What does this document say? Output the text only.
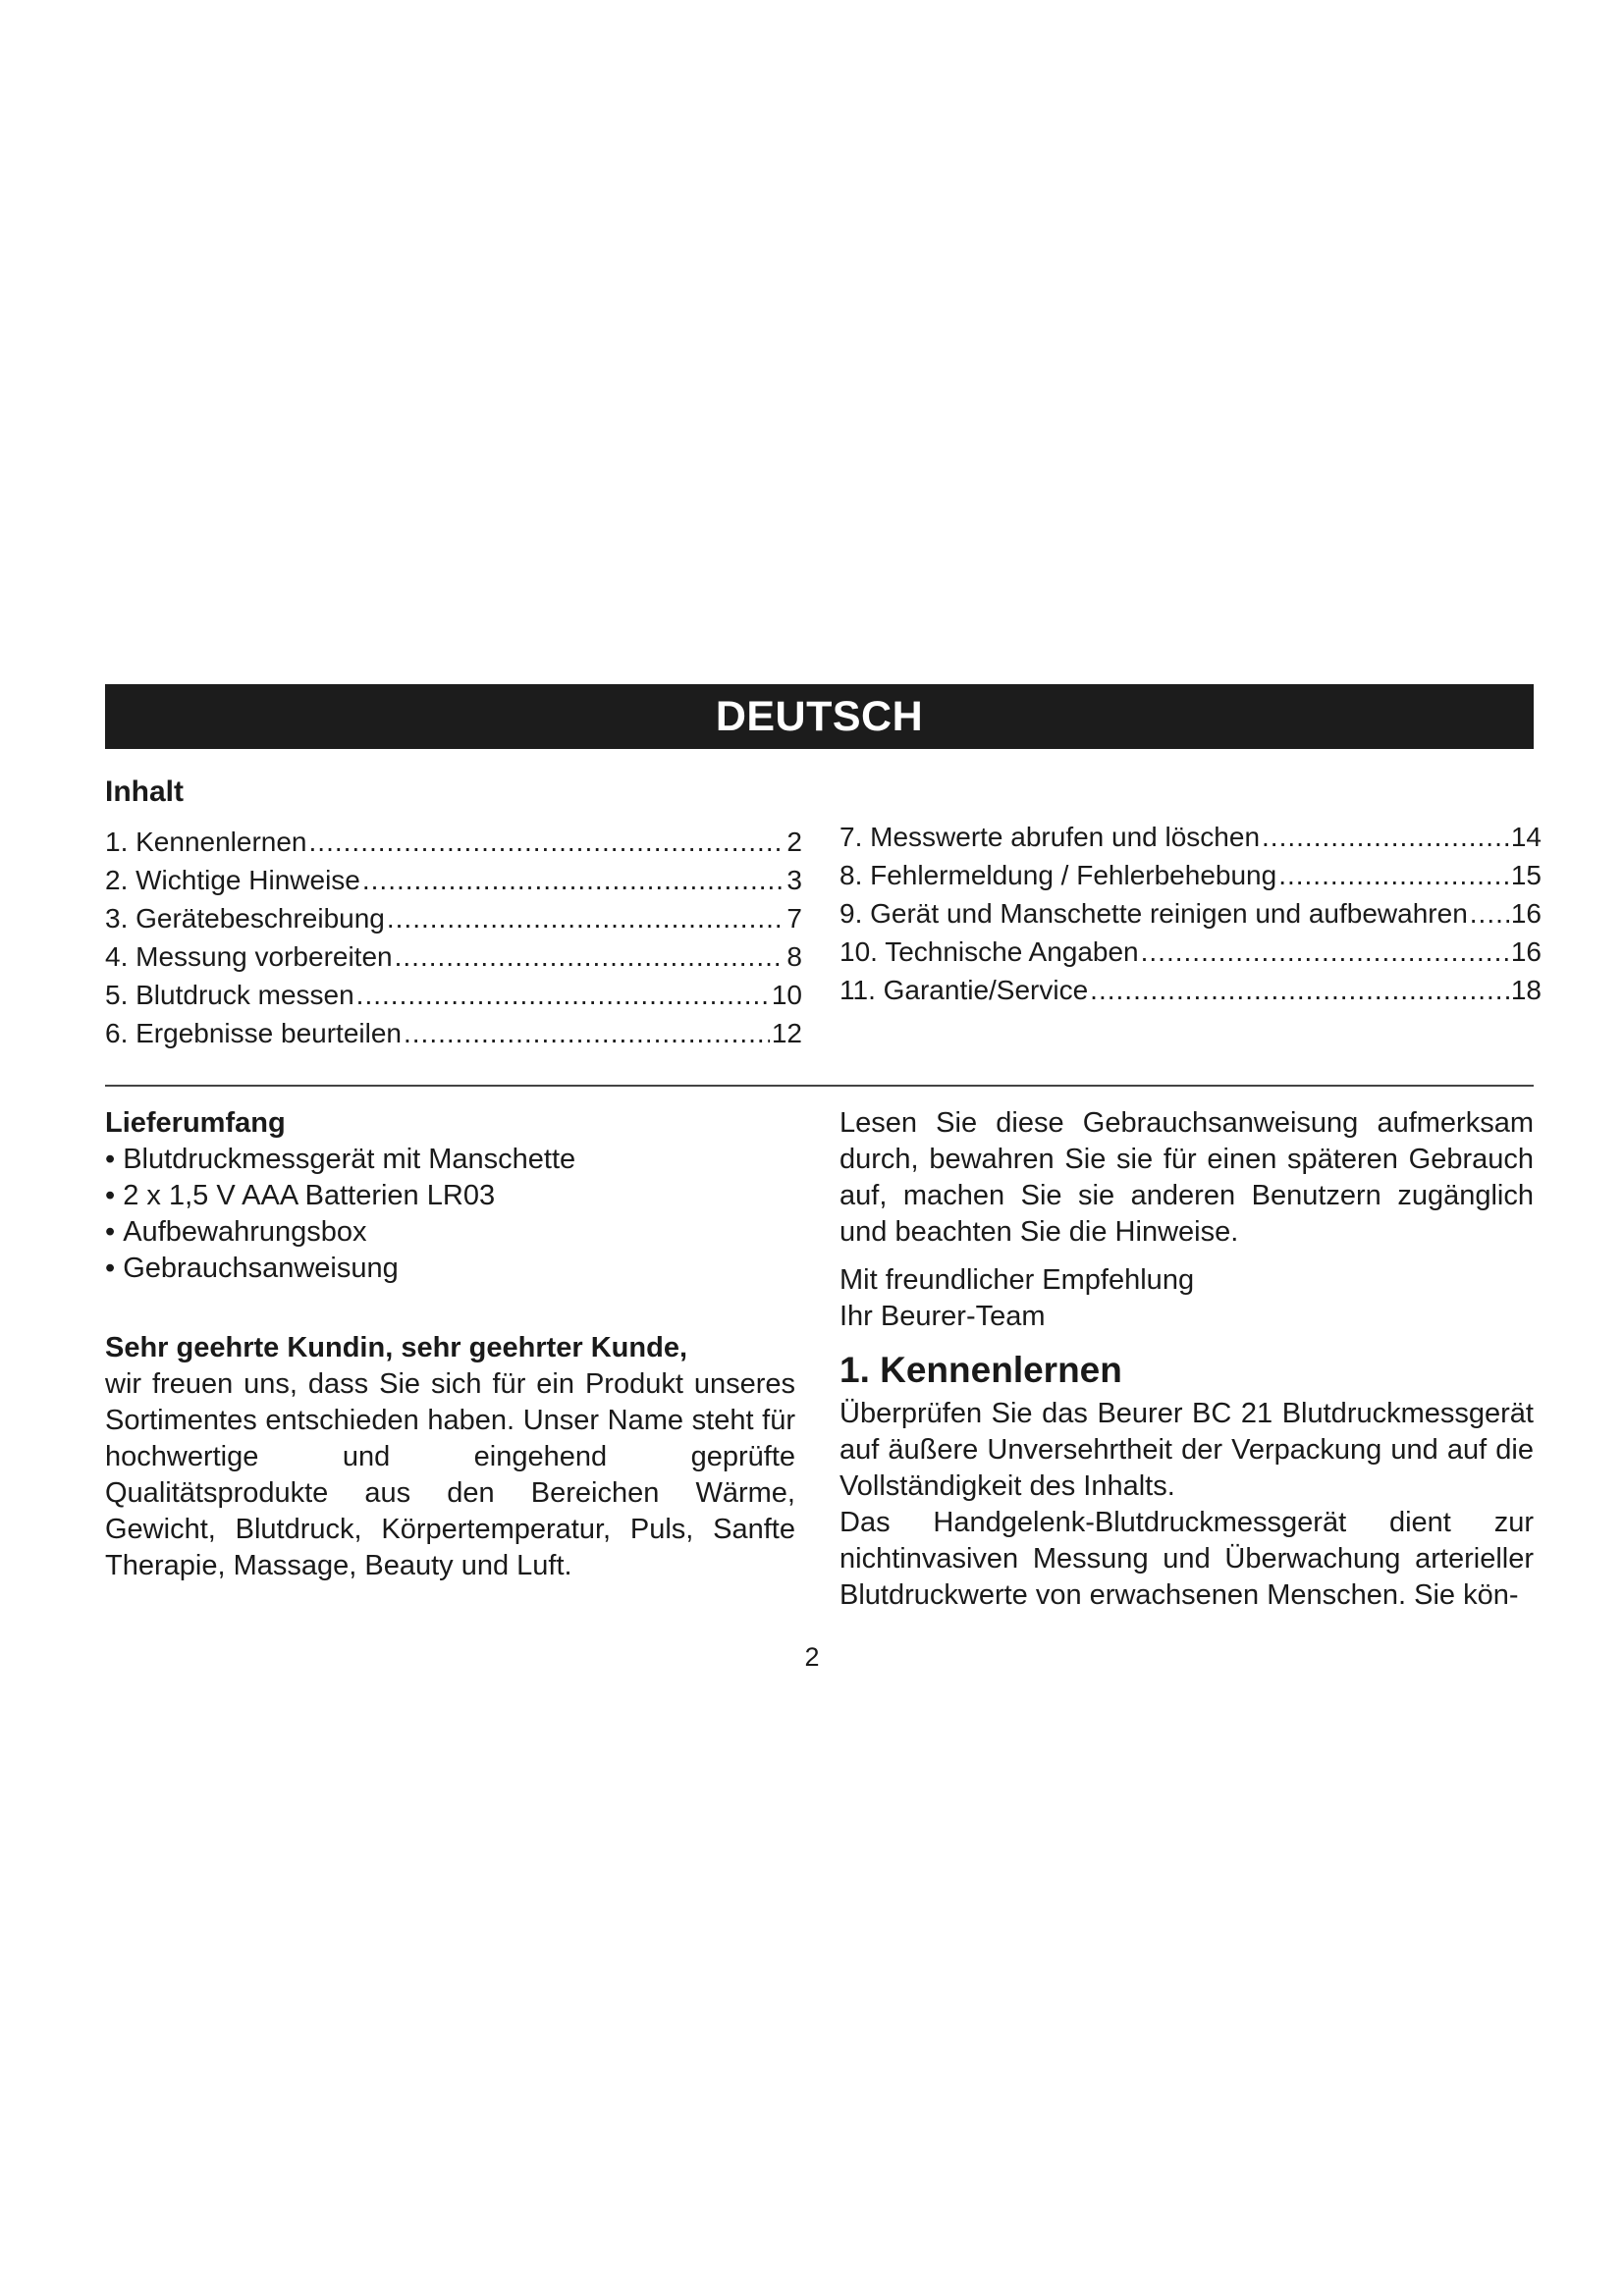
DEUTSCH
Inhalt
1. Kennenlernen .....	2
2. Wichtige Hinweise .....	3
3. Gerätebeschreibung .....	7
4. Messung vorbereiten .....	8
5. Blutdruck messen .....	10
6. Ergebnisse beurteilen .....	12
7. Messwerte abrufen und löschen .....	14
8. Fehlermeldung / Fehlerbehebung .....	15
9. Gerät und Manschette reinigen und aufbewahren ..... 16
10. Technische Angaben .....	16
11. Garantie/Service .....	18
Lieferumfang
• Blutdruckmessgerät mit Manschette
• 2 x 1,5 V AAA Batterien LR03
• Aufbewahrungsbox
• Gebrauchsanweisung
Sehr geehrte Kundin, sehr geehrter Kunde,

wir freuen uns, dass Sie sich für ein Produkt unseres Sortimentes entschieden haben. Unser Name steht für hochwertige und eingehend geprüfte Qualitätsprodukte aus den Bereichen Wärme, Gewicht, Blutdruck, Körpertemperatur, Puls, Sanfte Therapie, Massage, Beauty und Luft.

Lesen Sie diese Gebrauchsanweisung aufmerksam durch, bewahren Sie sie für einen späteren Gebrauch auf, machen Sie sie anderen Benutzern zugänglich und beachten Sie die Hinweise.

Mit freundlicher Empfehlung
Ihr Beurer-Team
1. Kennenlernen

Überprüfen Sie das Beurer BC 21 Blutdruckmessgerät auf äußere Unversehrtheit der Verpackung und auf die Vollständigkeit des Inhalts.

Das Handgelenk-Blutdruckmessgerät dient zur nichtinvasiven Messung und Überwachung arterieller Blutdruckwerte von erwachsenen Menschen. Sie kön-

2
